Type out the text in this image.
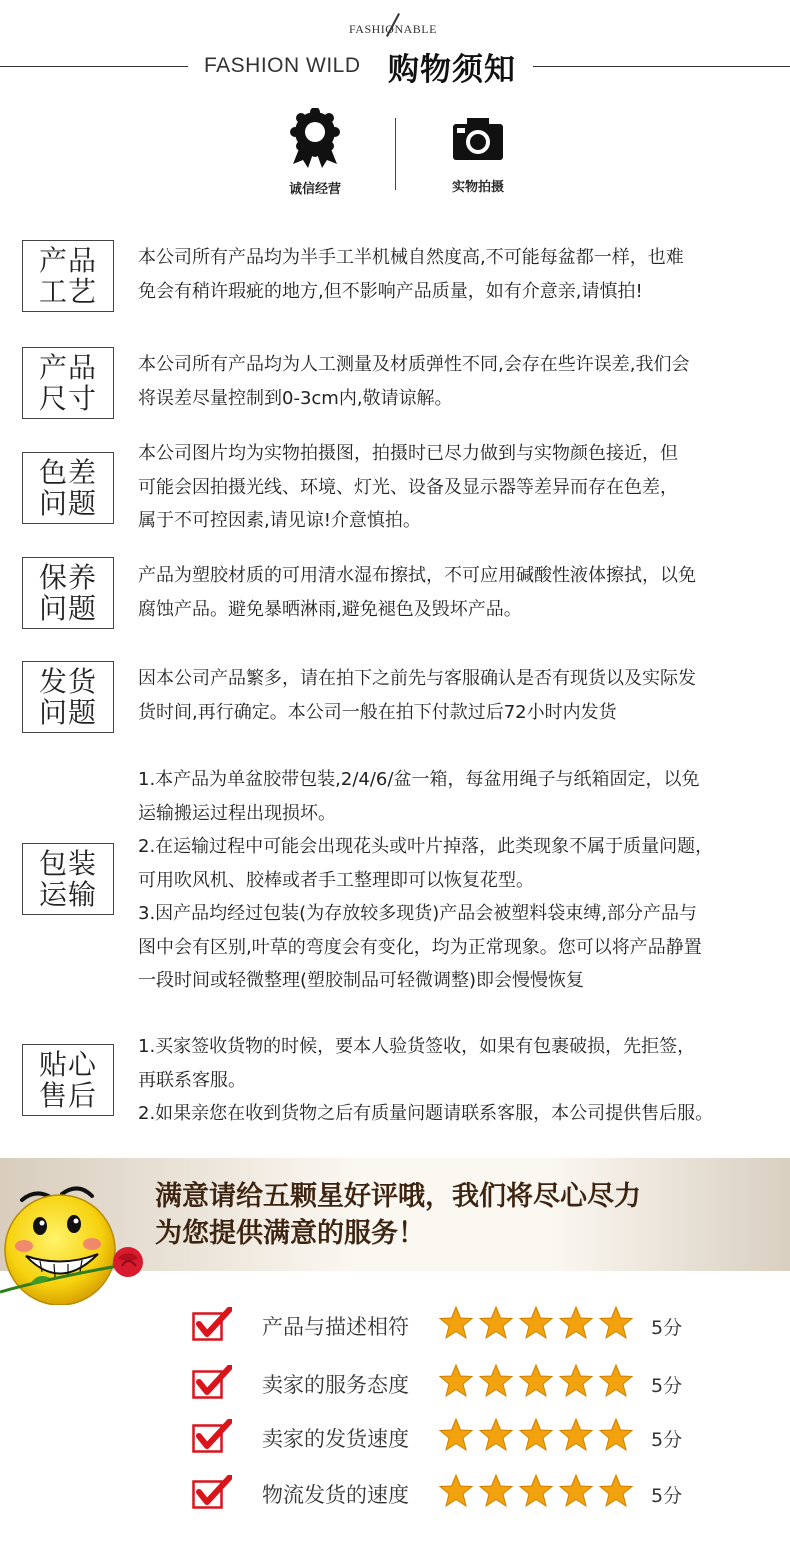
FASHIONABLE
FASHION WILD 购物须知
诚信经营	实物拍摄
产品
工艺

本公司所有产品均为半手工半机械自然度高,不可能每盆都一样，也难

免会有稍许瑕疵的地方,但不影响产品质量，如有介意亲,请慎拍!

产品
尺寸

本公司所有产品均为人工测量及材质弹性不同,会存在些许误差,我们会

将误差尽量控制到0-3cm内,敬请谅解。

色差
问题

本公司图片均为实物拍摄图，拍摄时已尽力做到与实物颜色接近，但

可能会因拍摄光线、环境、灯光、设备及显示器等差异而存在色差，

属于不可控因素,请见谅!介意慎拍。

保养
问题

产品为塑胶材质的可用清水湿布擦拭，不可应用碱酸性液体擦拭，以免

腐蚀产品。避免暴晒淋雨,避免褪色及毁坏产品。

发货
问题

因本公司产品繁多，请在拍下之前先与客服确认是否有现货以及实际发

货时间,再行确定。本公司一般在拍下付款过后72小时内发货

包装
运输

1.本产品为单盆胶带包装,2/4/6/盆一箱，每盆用绳子与纸箱固定，以免

运输搬运过程出现损坏。

2.在运输过程中可能会出现花头或叶片掉落，此类现象不属于质量问题，

可用吹风机、胶棒或者手工整理即可以恢复花型。

3.因产品均经过包装(为存放较多现货)产品会被塑料袋束缚,部分产品与

图中会有区别,叶草的弯度会有变化，均为正常现象。您可以将产品静置

一段时间或轻微整理(塑胶制品可轻微调整)即会慢慢恢复

贴心
售后

1.买家签收货物的时候，要本人验货签收，如果有包裹破损，先拒签，

再联系客服。

2.如果亲您在收到货物之后有质量问题请联系客服，本公司提供售后服。

满意请给五颗星好评哦，我们将尽心尽力
为您提供满意的服务！
产品与描述相符	5分
卖家的服务态度	5分
卖家的发货速度	5分
物流发货的速度	5分
